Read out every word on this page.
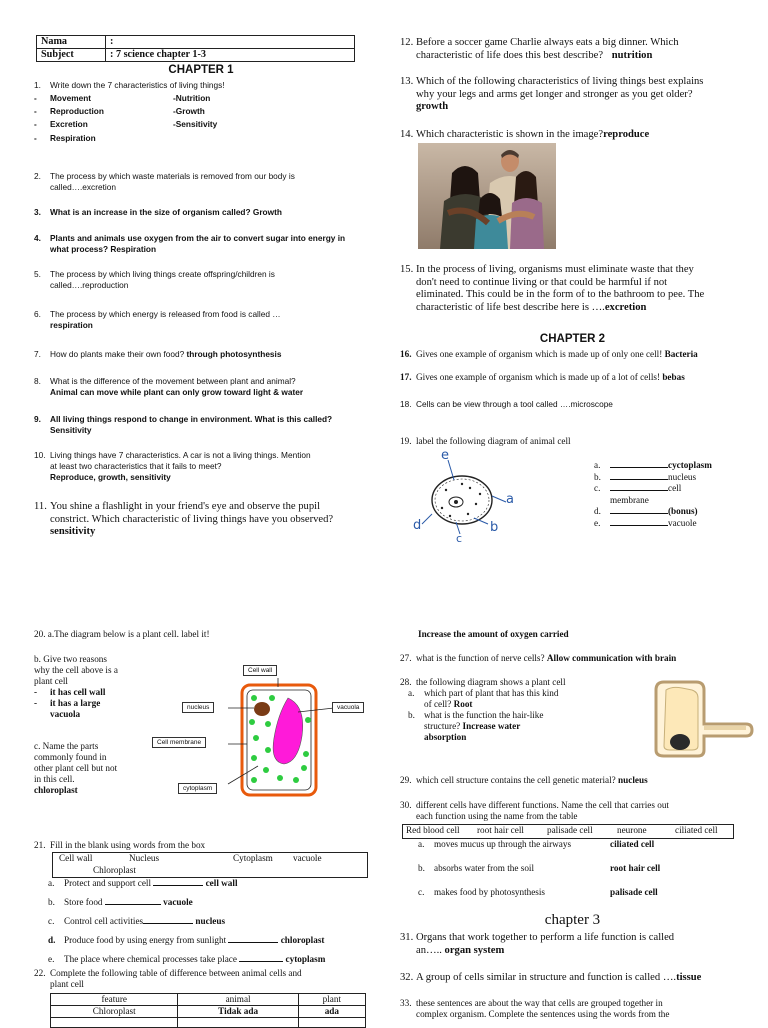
Nama	:
Subject	: 7 science chapter 1-3
CHAPTER 1
1. Write down the 7 characteristics of living things!
- Movement
- Reproduction
- Excretion
- Respiration
-Nutrition
-Growth
-Sensitivity
2. The process by which waste materials is removed from our body is
called….excretion
3. What is an increase in the size of organism called? Growth
4. Plants and animals use oxygen from the air to convert sugar into energy in
what process? Respiration
5. The process by which living things create offspring/children is
called….reproduction
6. The process by which energy is released from food is called …
respiration
7. How do plants make their own food? through photosynthesis
8. What is the difference of the movement between plant and animal?
Animal can move while plant can only grow toward light & water
9. All living things respond to change in environment. What is this called?
Sensitivity
10. Living things have 7 characteristics. A car is not a living things. Mention
at least two characteristics that it fails to meet?
Reproduce, growth, sensitivity
11. You shine a flashlight in your friend's eye and observe the pupil
constrict. Which characteristic of living things have you observed?
sensitivity
12. Before a soccer game Charlie always eats a big dinner. Which
characteristic of life does this best describe? nutrition
13. Which of the following characteristics of living things best explains
why your legs and arms get longer and stronger as you get older?
growth
14. Which characteristic is shown in the image?reproduce
15. In the process of living, organisms must eliminate waste that they
don't need to continue living or that could be harmful if not
eliminated. This could be in the form of to the bathroom to pee. The
characteristic of life best describe here is ….excretion
CHAPTER 2
16. Gives one example of organism which is made up of only one cell! Bacteria
17. Gives one example of organism which is made up of a lot of cells! bebas
18. Cells can be view through a tool called ….microscope
19. label the following diagram of animal cell
e
a
b
c
d
a.	cyctoplasm
b.	nucleus
c.	cell
membrane
d.	(bonus)
e.	vacuole
20. a.The diagram below is a plant cell. label it!
b. Give two reasons
why the cell above is a
plant cell
- it has cell wall
- it has a large
vacuola
c. Name the parts
commonly found in
other plant cell but not
in this cell.
chloroplast
Cell wall
nucleus	vacuola
Cell membrane
cytoplasm
21. Fill in the blank using words from the box
Cell wall	Nucleus	Cytoplasm vacuole
Chloroplast
a. Protect and support cell	cell wall
b. Store food	vacuole
c. Control cell activities	nucleus
d. Produce food by using energy from sunlight	chloroplast
e. The place where chemical processes take place	cytoplasm
22. Complete the following table of difference between animal cells and
plant cell
feature	animal	plant
Chloroplast	Tidak ada	ada

Increase the amount of oxygen carried
27. what is the function of nerve cells? Allow communication with brain
28. the following diagram shows a plant cell
a. which part of plant that has this kind
of cell? Root
b. what is the function the hair-like
structure? Increase water
absorption
29. which cell structure contains the cell genetic material? nucleus
30. different cells have different functions. Name the cell that carries out
each function using the name from the table
Red blood cell root hair cell	palisade cell	neurone	ciliated cell
a. moves mucus up through the airways	ciliated cell
b. absorbs water from the soil	root hair cell
c. makes food by photosynthesis	palisade cell
chapter 3
31. Organs that work together to perform a life function is called
an….. organ system
32. A group of cells similar in structure and function is called ….tissue
33. these sentences are about the way that cells are grouped together in
complex organism. Complete the sentences using the words from the
